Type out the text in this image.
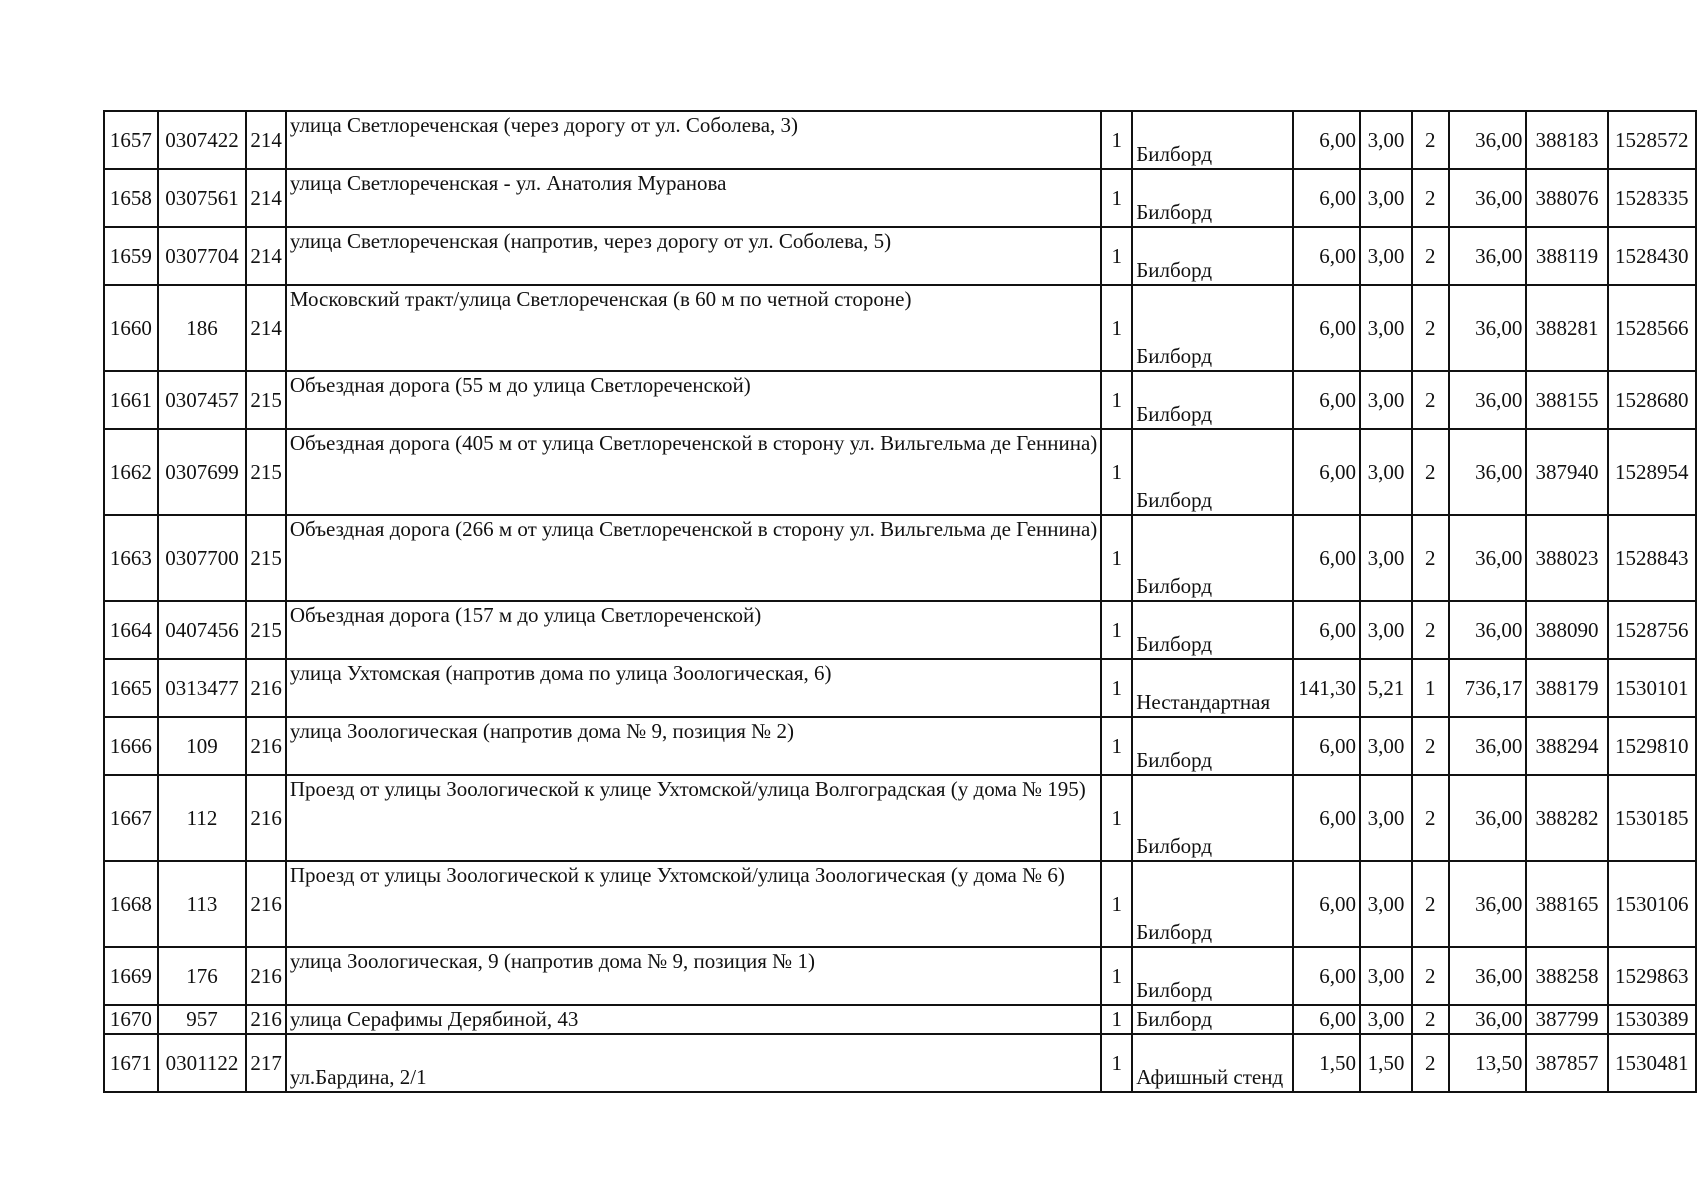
1657	0307422	214	улица Светлореченская (через дорогу от ул. Соболева, 3)	1	Билборд	6,00	3,00	2	36,00	388183	1528572
1658	0307561	214	улица Светлореченская - ул. Анатолия Муранова	1	Билборд	6,00	3,00	2	36,00	388076	1528335
1659	0307704	214	улица Светлореченская (напротив, через дорогу от ул. Соболева, 5)	1	Билборд	6,00	3,00	2	36,00	388119	1528430
1660	186	214	Московский тракт/улица Светлореченская (в 60 м по четной стороне)	1	Билборд	6,00	3,00	2	36,00	388281	1528566
1661	0307457	215	Объездная дорога (55 м до улица Светлореченской)	1	Билборд	6,00	3,00	2	36,00	388155	1528680
1662	0307699	215	Объездная дорога (405 м от улица Светлореченской в сторону ул. Вильгельма де Геннина)	1	Билборд	6,00	3,00	2	36,00	387940	1528954
1663	0307700	215	Объездная дорога (266 м от улица Светлореченской в сторону ул. Вильгельма де Геннина)	1	Билборд	6,00	3,00	2	36,00	388023	1528843
1664	0407456	215	Объездная дорога (157 м до улица Светлореченской)	1	Билборд	6,00	3,00	2	36,00	388090	1528756
1665	0313477	216	улица Ухтомская (напротив дома по улица Зоологическая, 6)	1	Нестандартная	141,30	5,21	1	736,17	388179	1530101
1666	109	216	улица Зоологическая (напротив дома № 9, позиция № 2)	1	Билборд	6,00	3,00	2	36,00	388294	1529810
1667	112	216	Проезд от улицы Зоологической к улице Ухтомской/улица Волгоградская (у дома № 195)	1	Билборд	6,00	3,00	2	36,00	388282	1530185
1668	113	216	Проезд от улицы Зоологической к улице Ухтомской/улица Зоологическая (у дома № 6)	1	Билборд	6,00	3,00	2	36,00	388165	1530106
1669	176	216	улица Зоологическая, 9 (напротив дома № 9, позиция № 1)	1	Билборд	6,00	3,00	2	36,00	388258	1529863
1670	957	216	улица Серафимы Дерябиной, 43	1	Билборд	6,00	3,00	2	36,00	387799	1530389
1671	0301122	217	ул.Бардина, 2/1	1	Афишный стенд	1,50	1,50	2	13,50	387857	1530481
